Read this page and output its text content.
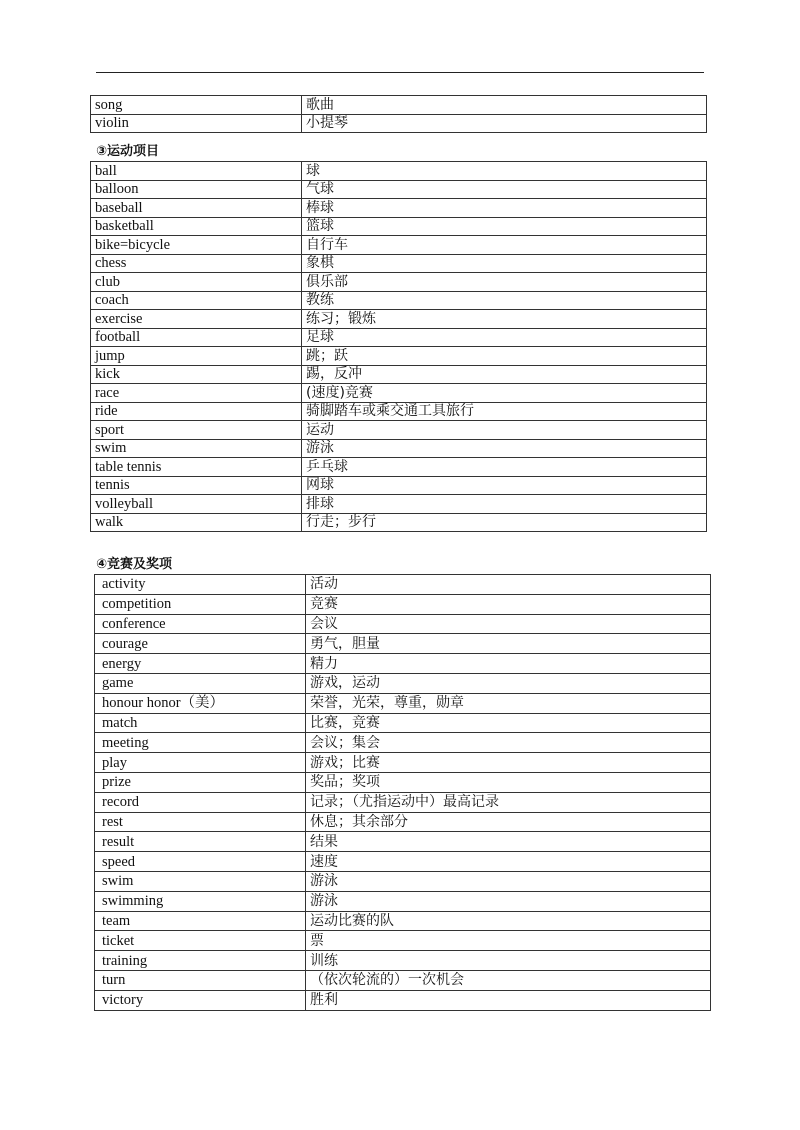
song	歌曲
violin	小提琴
③运动项目
ball	球
balloon	气球
baseball	棒球
basketball	篮球
bike=bicycle	自行车
chess	象棋
club	俱乐部
coach	教练
exercise	练习；锻炼
football	足球
jump	跳；跃
kick	踢，反冲
race	(速度)竞赛
ride	骑脚踏车或乘交通工具旅行
sport	运动
swim	游泳
table tennis	乒乓球
tennis	网球
volleyball	排球
walk	行走；步行
④竞赛及奖项
activity	活动
competition	竞赛
conference	会议
courage	勇气，胆量
energy	精力
game	游戏，运动
honour honor（美）	荣誉，光荣，尊重，勋章
match	比赛，竞赛
meeting	会议；集会
play	游戏；比赛
prize	奖品；奖项
record	记录；（尤指运动中）最高记录
rest	休息；其余部分
result	结果
speed	速度
swim	游泳
swimming	游泳
team	运动比赛的队
ticket	票
training	训练
turn	（依次轮流的）一次机会
victory	胜利
